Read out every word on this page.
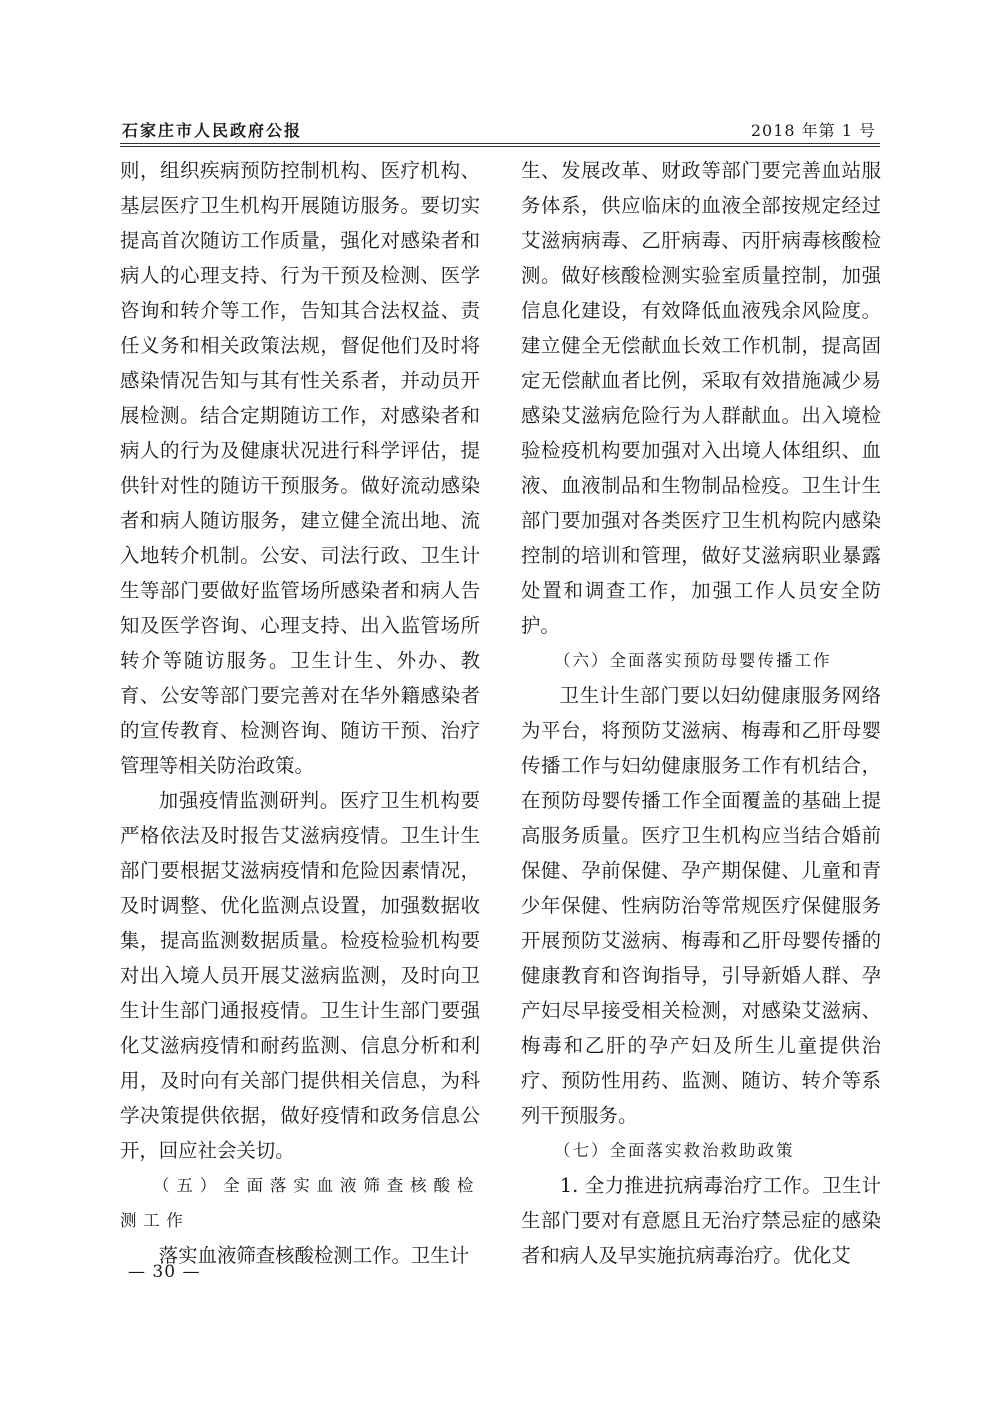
石家庄市人民政府公报	2018 年第 1 号

则，组织疾病预防控制机构、医疗机构、基层医疗卫生机构开展随访服务。要切实提高首次随访工作质量，强化对感染者和病人的心理支持、行为干预及检测、医学咨询和转介等工作，告知其合法权益、责任义务和相关政策法规，督促他们及时将感染情况告知与其有性关系者，并动员开展检测。结合定期随访工作，对感染者和病人的行为及健康状况进行科学评估，提供针对性的随访干预服务。做好流动感染者和病人随访服务，建立健全流出地、流入地转介机制。公安、司法行政、卫生计生等部门要做好监管场所感染者和病人告知及医学咨询、心理支持、出入监管场所转介等随访服务。卫生计生、外办、教育、公安等部门要完善对在华外籍感染者的宣传教育、检测咨询、随访干预、治疗管理等相关防治政策。

加强疫情监测研判。医疗卫生机构要严格依法及时报告艾滋病疫情。卫生计生部门要根据艾滋病疫情和危险因素情况，及时调整、优化监测点设置，加强数据收集，提高监测数据质量。检疫检验机构要对出入境人员开展艾滋病监测，及时向卫生计生部门通报疫情。卫生计生部门要强化艾滋病疫情和耐药监测、信息分析和利用，及时向有关部门提供相关信息，为科学决策提供依据，做好疫情和政务信息公开，回应社会关切。

（五）全面落实血液筛查核酸检测工作

落实血液筛查核酸检测工作。卫生计

生、发展改革、财政等部门要完善血站服务体系，供应临床的血液全部按规定经过艾滋病病毒、乙肝病毒、丙肝病毒核酸检测。做好核酸检测实验室质量控制，加强信息化建设，有效降低血液残余风险度。建立健全无偿献血长效工作机制，提高固定无偿献血者比例，采取有效措施减少易感染艾滋病危险行为人群献血。出入境检验检疫机构要加强对入出境人体组织、血液、血液制品和生物制品检疫。卫生计生部门要加强对各类医疗卫生机构院内感染控制的培训和管理，做好艾滋病职业暴露处置和调查工作，加强工作人员安全防护。

（六）全面落实预防母婴传播工作

卫生计生部门要以妇幼健康服务网络为平台，将预防艾滋病、梅毒和乙肝母婴传播工作与妇幼健康服务工作有机结合，在预防母婴传播工作全面覆盖的基础上提高服务质量。医疗卫生机构应当结合婚前保健、孕前保健、孕产期保健、儿童和青少年保健、性病防治等常规医疗保健服务开展预防艾滋病、梅毒和乙肝母婴传播的健康教育和咨询指导，引导新婚人群、孕产妇尽早接受相关检测，对感染艾滋病、梅毒和乙肝的孕产妇及所生儿童提供治疗、预防性用药、监测、随访、转介等系列干预服务。

（七）全面落实救治救助政策

1. 全力推进抗病毒治疗工作。卫生计生部门要对有意愿且无治疗禁忌症的感染者和病人及早实施抗病毒治疗。优化艾

— 30 —
